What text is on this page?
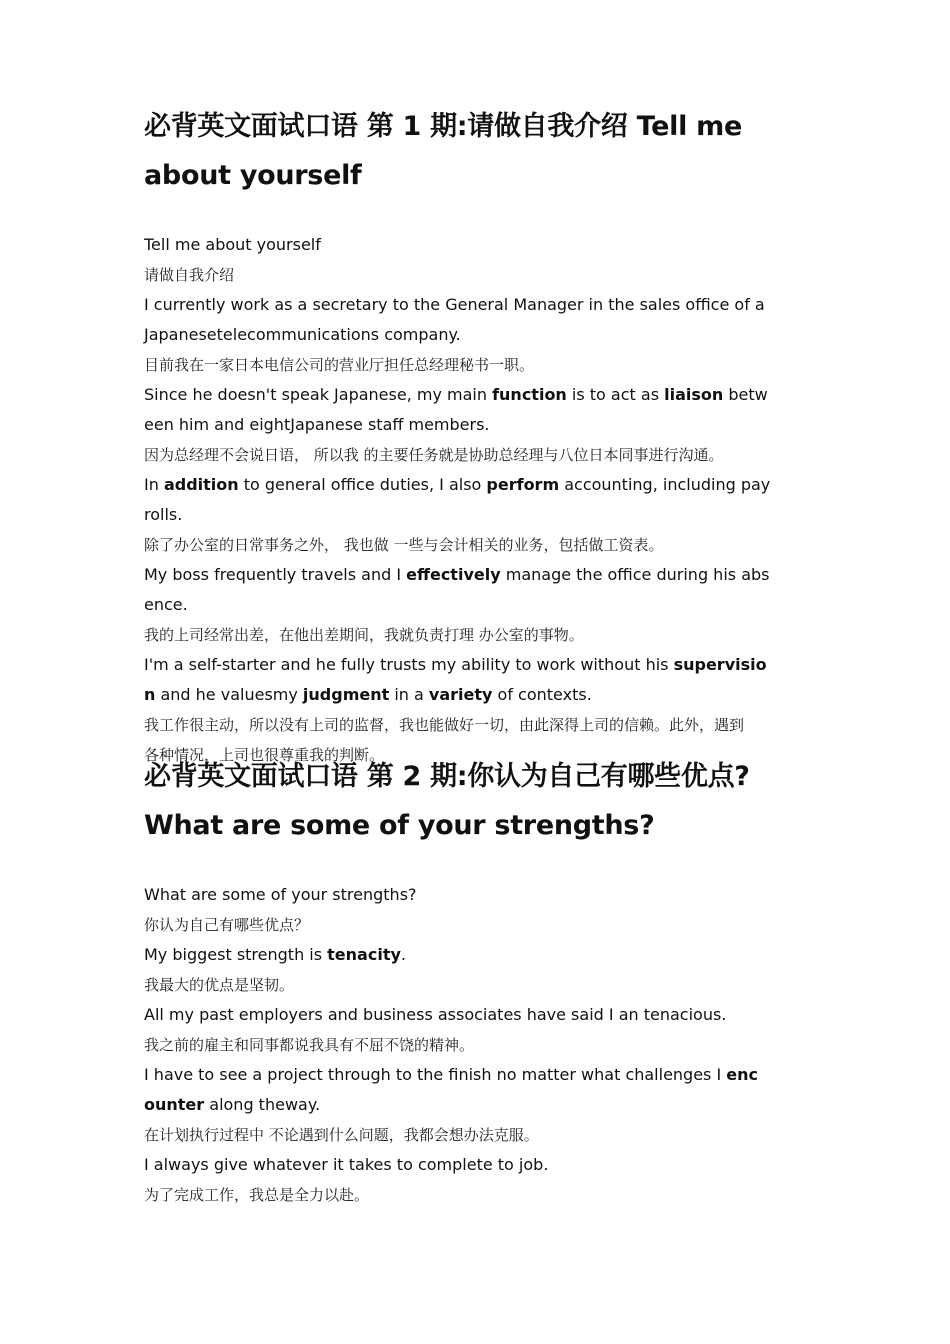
必背英文面试口语 第 1 期:请做自我介绍 Tell me
about yourself
Tell me about yourself
请做自我介绍
I currently work as a secretary to the General Manager in the sales office of a
Japanesetelecommunications company.
目前我在一家日本电信公司的营业厅担任总经理秘书一职。
Since he doesn't speak Japanese, my main function is to act as liaison betw
een him and eightJapanese staff members.
因为总经理不会说日语， 所以我 的主要任务就是协助总经理与八位日本同事进行沟通。
In addition to general office duties, I also perform accounting, including pay
rolls.
除了办公室的日常事务之外， 我也做 一些与会计相关的业务，包括做工资表。
My boss frequently travels and I effectively manage the office during his abs
ence.
我的上司经常出差，在他出差期间，我就负责打理 办公室的事物。
I'm a self-starter and he fully trusts my ability to work without his supervisio
n and he valuesmy judgment in a variety of contexts.
我工作很主动，所以没有上司的监督，我也能做好一切，由此深得上司的信赖。此外，遇到
各种情况，上司也很尊重我的判断。
必背英文面试口语 第 2 期:你认为自己有哪些优点?
What are some of your strengths?
What are some of your strengths?
你认为自己有哪些优点？
My biggest strength is tenacity.
我最大的优点是坚韧。
All my past employers and business associates have said I an tenacious.
我之前的雇主和同事都说我具有不屈不饶的精神。
I have to see a project through to the finish no matter what challenges I enc
ounter along theway.
在计划执行过程中 不论遇到什么问题，我都会想办法克服。
I always give whatever it takes to complete to job.
为了完成工作，我总是全力以赴。
